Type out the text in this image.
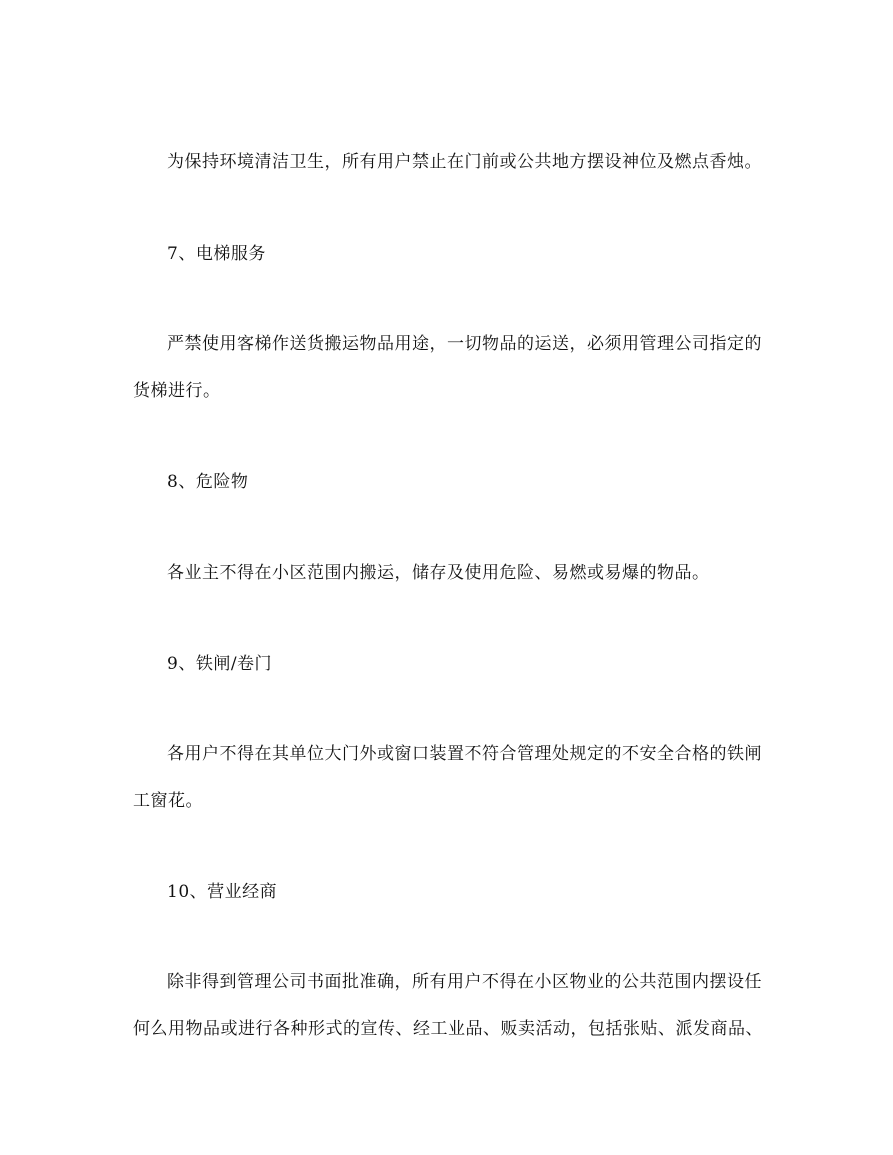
为保持环境清洁卫生，所有用户禁止在门前或公共地方摆设神位及燃点香烛。
7、电梯服务
严禁使用客梯作送货搬运物品用途，一切物品的运送，必须用管理公司指定的
货梯进行。
8、危险物
各业主不得在小区范围内搬运，储存及使用危险、易燃或易爆的物品。
9、铁闸/卷门
各用户不得在其单位大门外或窗口装置不符合管理处规定的不安全合格的铁闸
工窗花。
10、营业经商
除非得到管理公司书面批准确，所有用户不得在小区物业的公共范围内摆设任
何么用物品或进行各种形式的宣传、经工业品、贩卖活动，包括张贴、派发商品、
